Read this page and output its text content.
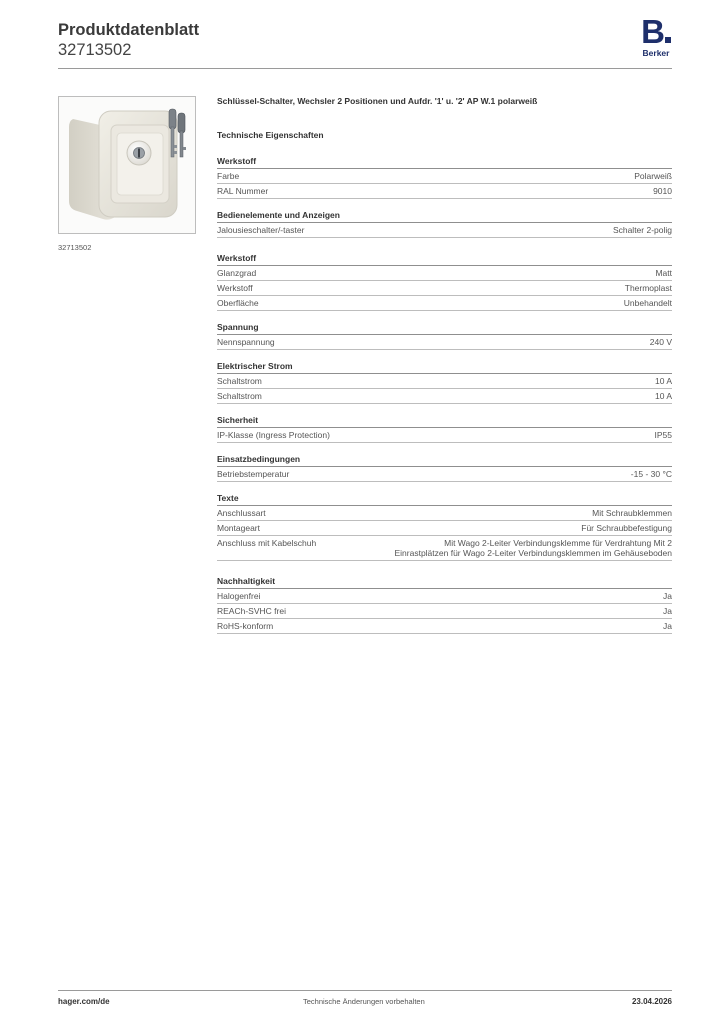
Produktdatenblatt
32713502	B
Berker
32713502
Schlüssel-Schalter, Wechsler 2 Positionen und Aufdr. '1' u. '2' AP W.1 polarweiß
Technische Eigenschaften
Werkstoff
Farbe	Polarweiß
RAL Nummer	9010
Bedienelemente und Anzeigen
Jalousieschalter/-taster	Schalter 2-polig
Werkstoff
Glanzgrad	Matt
Werkstoff	Thermoplast
Oberfläche	Unbehandelt
Spannung
Nennspannung	240 V
Elektrischer Strom
Schaltstrom	10 A
Schaltstrom	10 A
Sicherheit
IP-Klasse (Ingress Protection)	IP55
Einsatzbedingungen
Betriebstemperatur	-15 - 30 °C
Texte
Anschlussart	Mit Schraubklemmen
Montageart	Für Schraubbefestigung
Anschluss mit Kabelschuh	Mit Wago 2-Leiter Verbindungsklemme für Verdrahtung Mit 2 Einrastplätzen für Wago 2-Leiter Verbindungsklemmen im Gehäuseboden
Nachhaltigkeit
Halogenfrei	Ja
REACh-SVHC frei	Ja
RoHS-konform	Ja
hager.com/de	Technische Änderungen vorbehalten	23.04.2026
